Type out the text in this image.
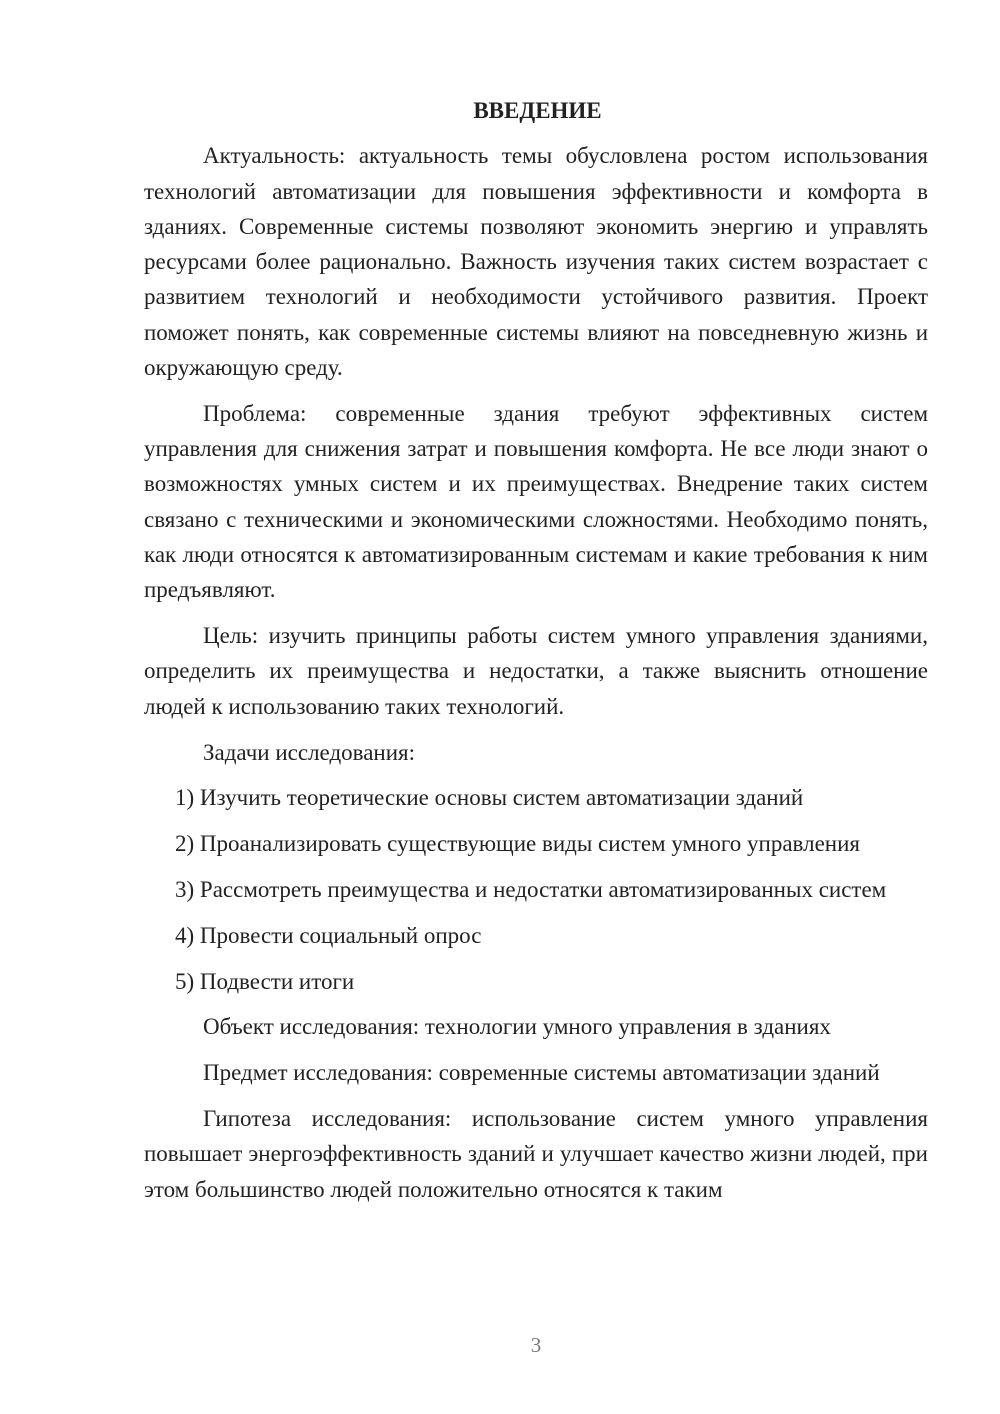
ВВЕДЕНИЕ

Актуальность: актуальность темы обусловлена ростом использования технологий автоматизации для повышения эффективности и комфорта в зданиях. Современные системы позволяют экономить энергию и управлять ресурсами более рационально. Важность изучения таких систем возрастает с развитием технологий и необходимости устойчивого развития. Проект поможет понять, как современные системы влияют на повседневную жизнь и окружающую среду.

Проблема: современные здания требуют эффективных систем управления для снижения затрат и повышения комфорта. Не все люди знают о возможностях умных систем и их преимуществах. Внедрение таких систем связано с техническими и экономическими сложностями. Необходимо понять, как люди относятся к автоматизированным системам и какие требования к ним предъявляют.

Цель: изучить принципы работы систем умного управления зданиями, определить их преимущества и недостатки, а также выяснить отношение людей к использованию таких технологий.

Задачи исследования:

1) Изучить теоретические основы систем автоматизации зданий

2) Проанализировать существующие виды систем умного управления

3) Рассмотреть преимущества и недостатки автоматизированных систем

4) Провести социальный опрос

5) Подвести итоги

Объект исследования: технологии умного управления в зданиях

Предмет исследования: современные системы автоматизации зданий

Гипотеза исследования: использование систем умного управления повышает энергоэффективность зданий и улучшает качество жизни людей, при этом большинство людей положительно относятся к таким

3
